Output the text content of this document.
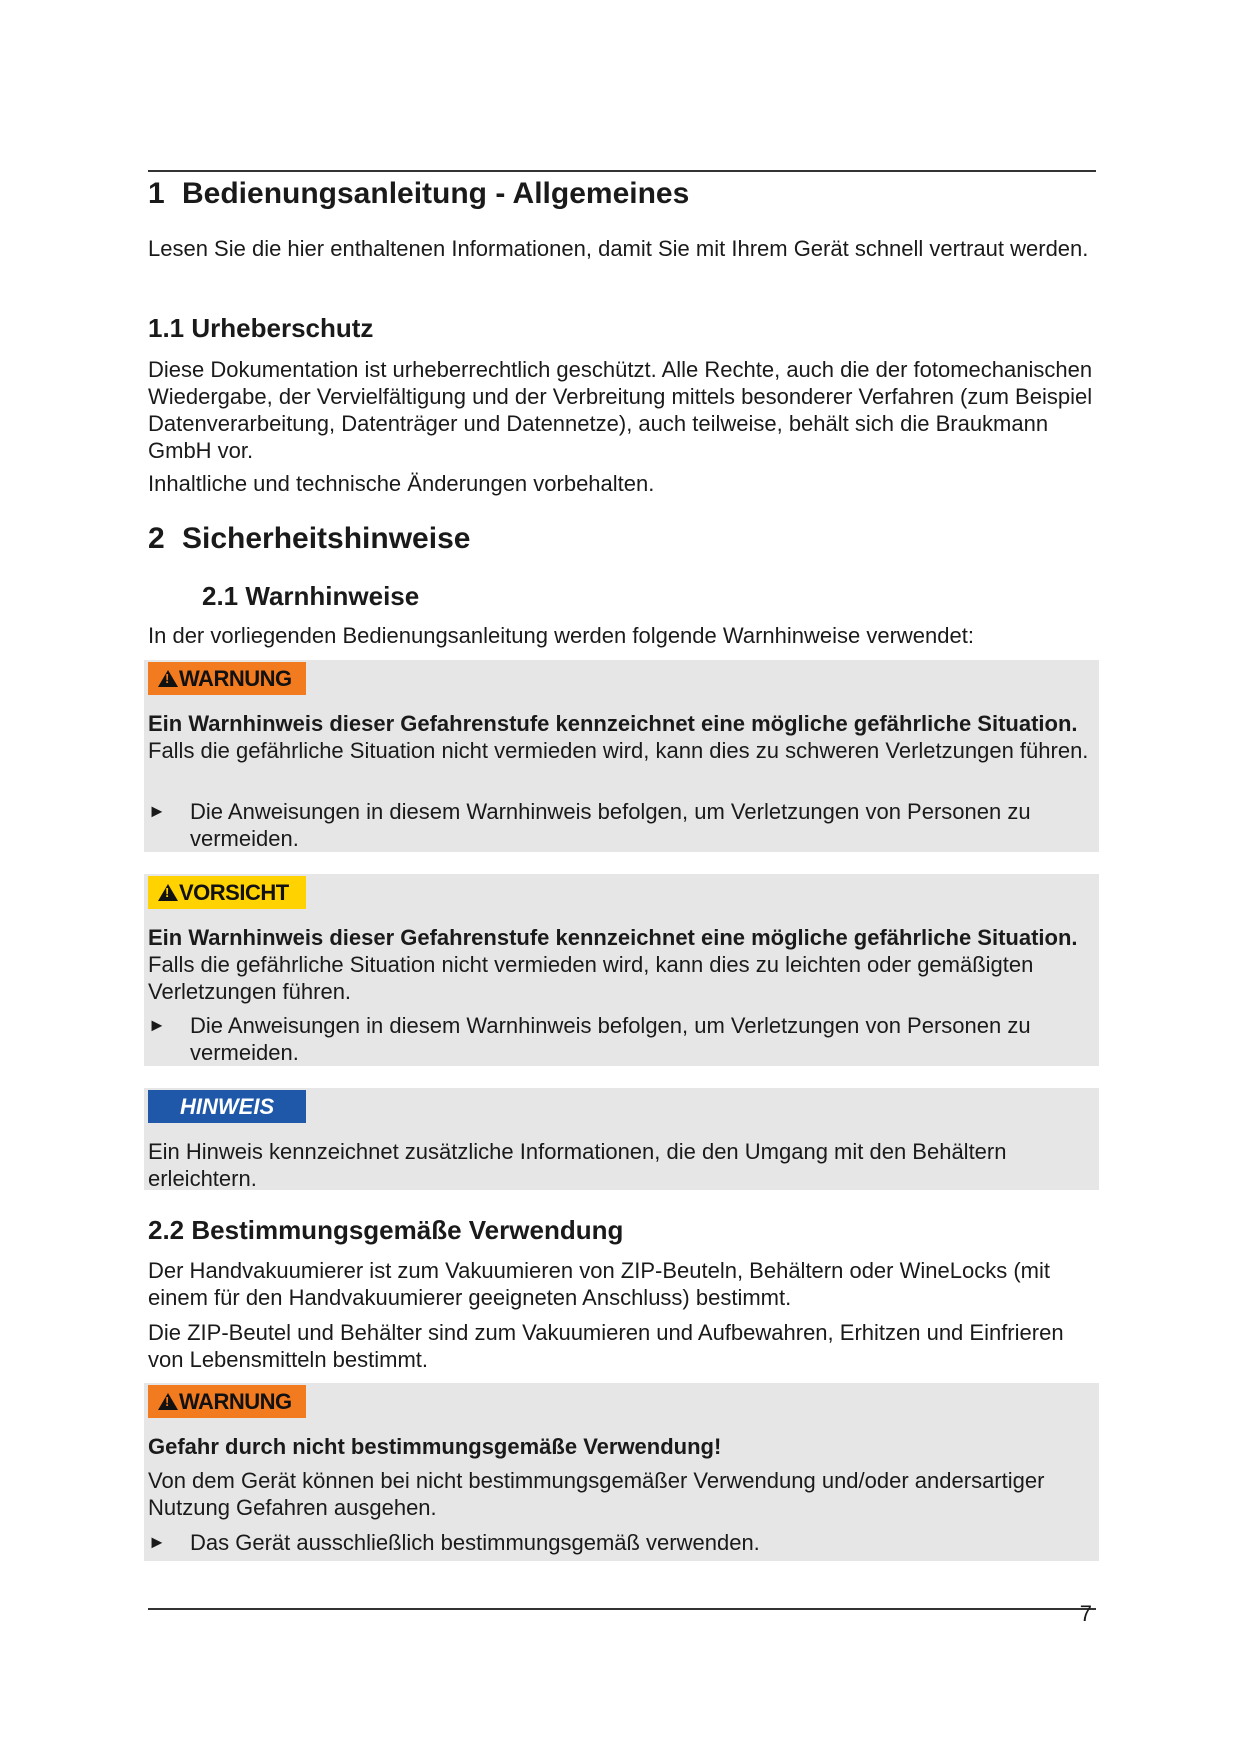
1 Bedienungsanleitung - Allgemeines

Lesen Sie die hier enthaltenen Informationen, damit Sie mit Ihrem Gerät schnell vertraut werden.

1.1 Urheberschutz

Diese Dokumentation ist urheberrechtlich geschützt. Alle Rechte, auch die der fotomechanischen Wiedergabe, der Vervielfältigung und der Verbreitung mittels besonderer Verfahren (zum Beispiel Datenverarbeitung, Datenträger und Datennetze), auch teilweise, behält sich die Braukmann GmbH vor.

Inhaltliche und technische Änderungen vorbehalten.

2 Sicherheitshinweise
2.1 Warnhinweise

In der vorliegenden Bedienungsanleitung werden folgende Warnhinweise verwendet:

!WARNUNG

Ein Warnhinweis dieser Gefahrenstufe kennzeichnet eine mögliche gefährliche Situation. Falls die gefährliche Situation nicht vermieden wird, kann dies zu schweren Verletzungen führen.

►	Die Anweisungen in diesem Warnhinweis befolgen, um Verletzungen von Personen zu vermeiden.
!VORSICHT

Ein Warnhinweis dieser Gefahrenstufe kennzeichnet eine mögliche gefährliche Situation. Falls die gefährliche Situation nicht vermieden wird, kann dies zu leichten oder gemäßigten Verletzungen führen.

►	Die Anweisungen in diesem Warnhinweis befolgen, um Verletzungen von Personen zu vermeiden.
HINWEIS

Ein Hinweis kennzeichnet zusätzliche Informationen, die den Umgang mit den Behältern erleichtern.

2.2 Bestimmungsgemäße Verwendung

Der Handvakuumierer ist zum Vakuumieren von ZIP-Beuteln, Behältern oder WineLocks (mit einem für den Handvakuumierer geeigneten Anschluss) bestimmt.

Die ZIP-Beutel und Behälter sind zum Vakuumieren und Aufbewahren, Erhitzen und Einfrieren von Lebensmitteln bestimmt.

!WARNUNG

Gefahr durch nicht bestimmungsgemäße Verwendung!

Von dem Gerät können bei nicht bestimmungsgemäßer Verwendung und/oder andersartiger Nutzung Gefahren ausgehen.

►	Das Gerät ausschließlich bestimmungsgemäß verwenden.
7
